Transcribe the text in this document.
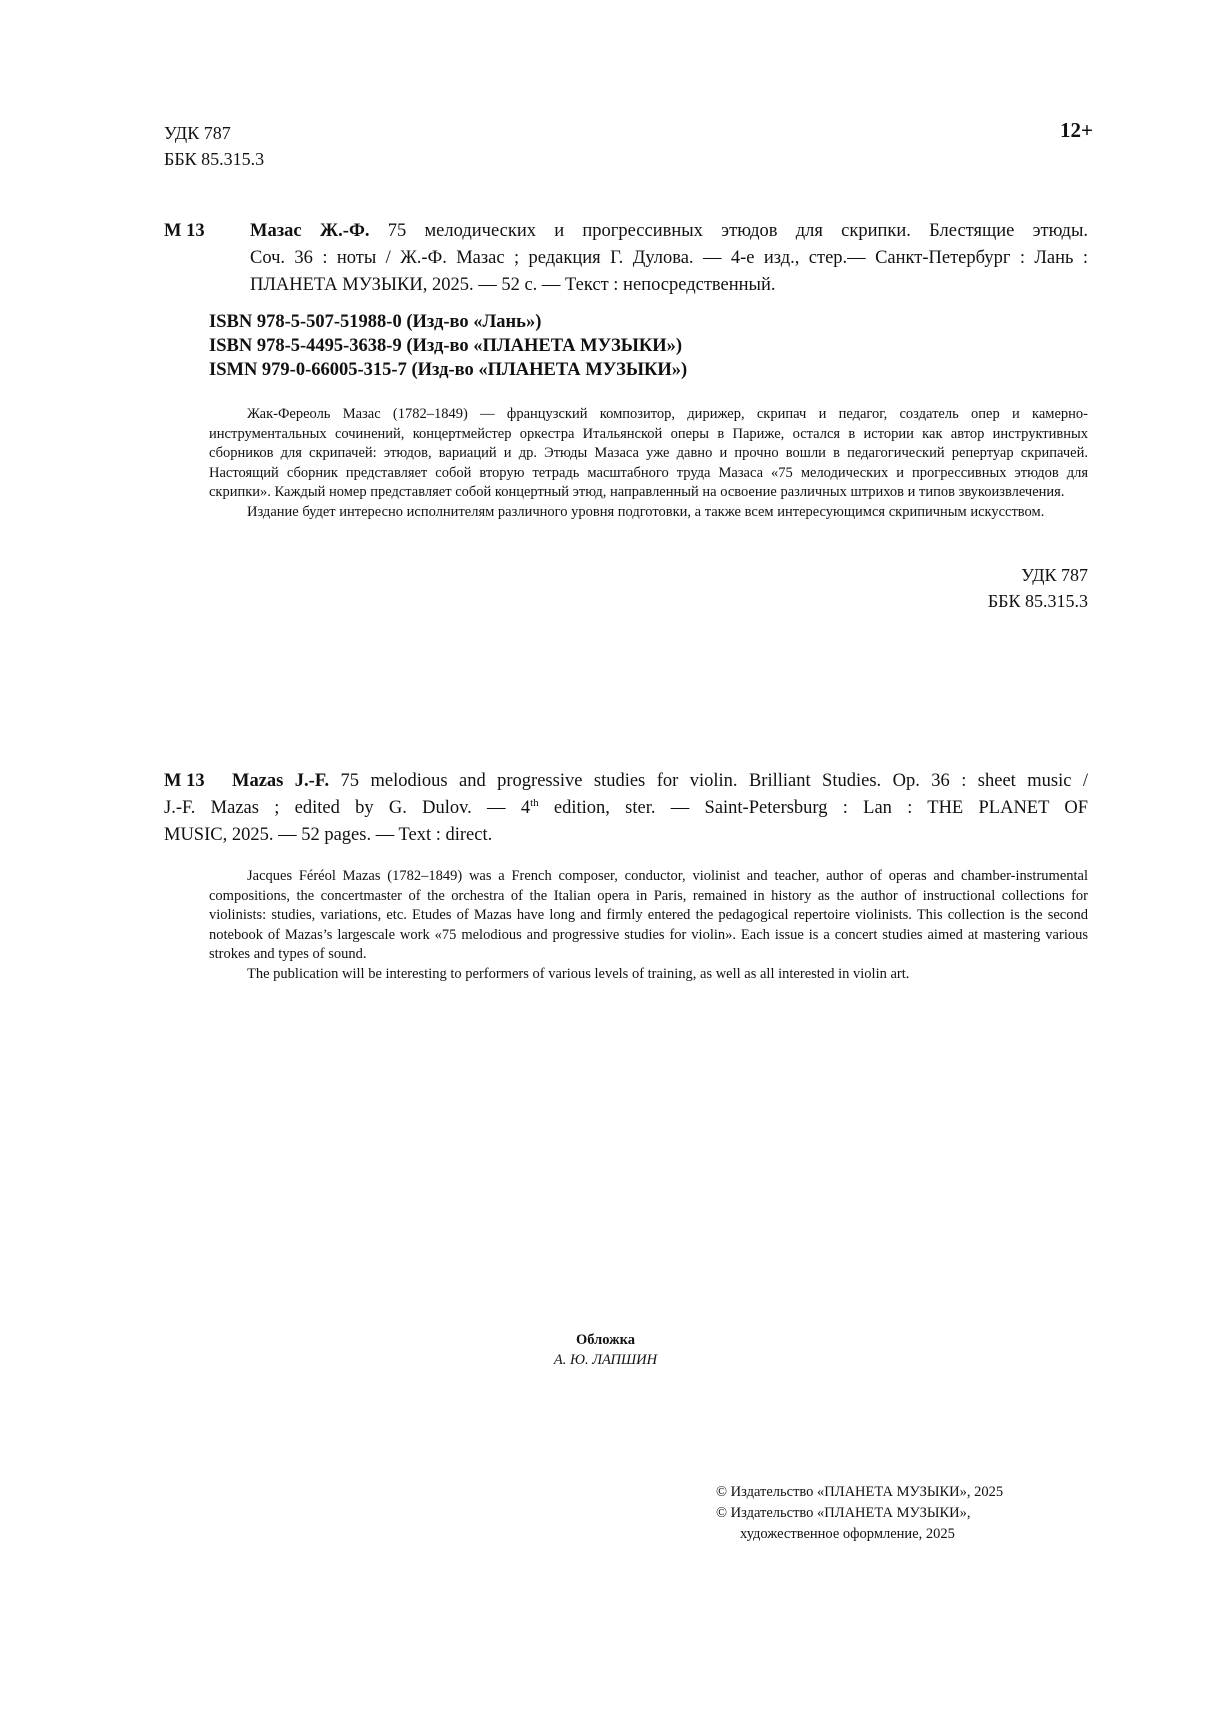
УДК 787
ББК 85.315.3
12+
М 13 Мазас Ж.-Ф. 75 мелодических и прогрессивных этюдов для скрипки. Блестящие этюды.
Соч. 36 : ноты / Ж.-Ф. Мазас ; редакция Г. Дулова. — 4-е изд., стер.— Санкт-Петербург : Лань :
ПЛАНЕТА МУЗЫКИ, 2025. — 52 с. — Текст : непосредственный.
ISBN 978-5-507-51988-0 (Изд-во «Лань»)
ISBN 978-5-4495-3638-9 (Изд-во «ПЛАНЕТА МУЗЫКИ»)
ISMN 979-0-66005-315-7 (Изд-во «ПЛАНЕТА МУЗЫКИ»)

Жак-Фереоль Мазас (1782–1849) — французский композитор, дирижер, скрипач и педагог, создатель опер и камерно-инструментальных сочинений, концертмейстер оркестра Итальянской оперы в Париже, остался в истории как автор инструктивных сборников для скрипачей: этюдов, вариаций и др. Этюды Мазаса уже давно и прочно вошли в педагогический репертуар скрипачей. Настоящий сборник представляет собой вторую тетрадь масштабного труда Мазаса «75 мелодических и прогрессивных этюдов для скрипки». Каждый номер представляет собой концертный этюд, направленный на освоение различных штрихов и типов звукоизвлечения.

Издание будет интересно исполнителям различного уровня подготовки, а также всем интересующимся скрипичным искусством.

УДК 787
ББК 85.315.3
M 13 Mazas J.-F. 75 melodious and progressive studies for violin. Brilliant Studies. Op. 36 : sheet music /
J.-F. Mazas ; edited by G. Dulov. — 4th edition, ster. — Saint-Petersburg : Lan : THE PLANET OF
MUSIC, 2025. — 52 pages. — Text : direct.

Jacques Féréol Mazas (1782–1849) was a French composer, conductor, violinist and teacher, author of operas and chamber-instrumental compositions, the concertmaster of the orchestra of the Italian opera in Paris, remained in history as the author of instructional collections for violinists: studies, variations, etc. Etudes of Mazas have long and firmly entered the pedagogical repertoire violinists. This collection is the second notebook of Mazas’s largescale work «75 melodious and progressive studies for violin». Each issue is a concert studies aimed at mastering various strokes and types of sound.

The publication will be interesting to performers of various levels of training, as well as all interested in violin art.

Обложка
А. Ю. ЛАПШИН
© Издательство «ПЛАНЕТА МУЗЫКИ», 2025
© Издательство «ПЛАНЕТА МУЗЫКИ»,
художественное оформление, 2025
